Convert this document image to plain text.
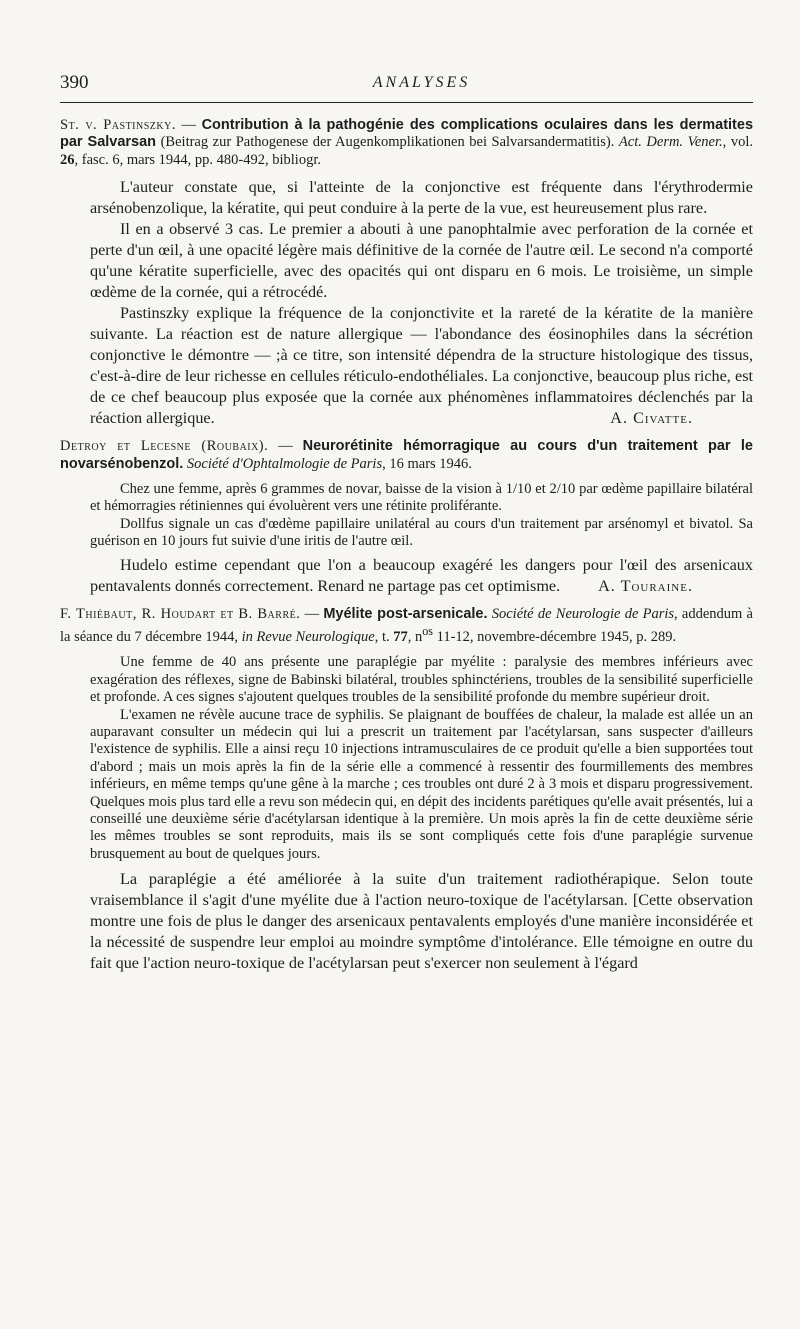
390	ANALYSES

St. v. Pastinszky. — Contribution à la pathogénie des complications oculaires dans les dermatites par Salvarsan (Beitrag zur Pathogenese der Augenkomplikationen bei Salvarsandermatitis). Act. Derm. Vener., vol. 26, fasc. 6, mars 1944, pp. 480-492, bibliogr.

L'auteur constate que, si l'atteinte de la conjonctive est fréquente dans l'érythrodermie arsénobenzolique, la kératite, qui peut conduire à la perte de la vue, est heureusement plus rare.

Il en a observé 3 cas. Le premier a abouti à une panophtalmie avec perforation de la cornée et perte d'un œil, à une opacité légère mais définitive de la cornée de l'autre œil. Le second n'a comporté qu'une kératite superficielle, avec des opacités qui ont disparu en 6 mois. Le troisième, un simple œdème de la cornée, qui a rétrocédé.

Pastinszky explique la fréquence de la conjonctivite et la rareté de la kératite de la manière suivante. La réaction est de nature allergique — l'abondance des éosinophiles dans la sécrétion conjonctive le démontre — ;à ce titre, son intensité dépendra de la structure histologique des tissus, c'est-à-dire de leur richesse en cellules réticulo-endothéliales. La conjonctive, beaucoup plus riche, est de ce chef beaucoup plus exposée que la cornée aux phénomènes inflammatoires déclenchés par la réaction allergique.	A. Civatte.

Detroy et Lecesne (Roubaix). — Neurorétinite hémorragique au cours d'un traitement par le novarsénobenzol. Société d'Ophtalmologie de Paris, 16 mars 1946.

Chez une femme, après 6 grammes de novar, baisse de la vision à 1/10 et 2/10 par œdème papillaire bilatéral et hémorragies rétiniennes qui évoluèrent vers une rétinite proliférante.

Dollfus signale un cas d'œdème papillaire unilatéral au cours d'un traitement par arsénomyl et bivatol. Sa guérison en 10 jours fut suivie d'une iritis de l'autre œil.

Hudelo estime cependant que l'on a beaucoup exagéré les dangers pour l'œil des arsenicaux pentavalents donnés correctement. Renard ne partage pas cet optimisme.	A. Touraine.

F. Thiébaut, R. Houdart et B. Barré. — Myélite post-arsenicale. Société de Neurologie de Paris, addendum à la séance du 7 décembre 1944, in Revue Neurologique, t. 77, $n^{os}$ 11-12, novembre-décembre 1945, p. 289.

Une femme de 40 ans présente une paraplégie par myélite : paralysie des membres inférieurs avec exagération des réflexes, signe de Babinski bilatéral, troubles sphinctériens, troubles de la sensibilité superficielle et profonde. A ces signes s'ajoutent quelques troubles de la sensibilité profonde du membre supérieur droit.

L'examen ne révèle aucune trace de syphilis. Se plaignant de bouffées de chaleur, la malade est allée un an auparavant consulter un médecin qui lui a prescrit un traitement par l'acétylarsan, sans suspecter d'ailleurs l'existence de syphilis. Elle a ainsi reçu 10 injections intramusculaires de ce produit qu'elle a bien supportées tout d'abord ; mais un mois après la fin de la série elle a commencé à ressentir des fourmillements des membres inférieurs, en même temps qu'une gêne à la marche ; ces troubles ont duré 2 à 3 mois et disparu progressivement. Quelques mois plus tard elle a revu son médecin qui, en dépit des incidents parétiques qu'elle avait présentés, lui a conseillé une deuxième série d'acétylarsan identique à la première. Un mois après la fin de cette deuxième série les mêmes troubles se sont reproduits, mais ils se sont compliqués cette fois d'une paraplégie survenue brusquement au bout de quelques jours.

La paraplégie a été améliorée à la suite d'un traitement radiothérapique. Selon toute vraisemblance il s'agit d'une myélite due à l'action neuro-toxique de l'acétylarsan. [Cette observation montre une fois de plus le danger des arsenicaux pentavalents employés d'une manière inconsidérée et la nécessité de suspendre leur emploi au moindre symptôme d'intolérance. Elle témoigne en outre du fait que l'action neuro-toxique de l'acétylarsan peut s'exercer non seulement à l'égard
